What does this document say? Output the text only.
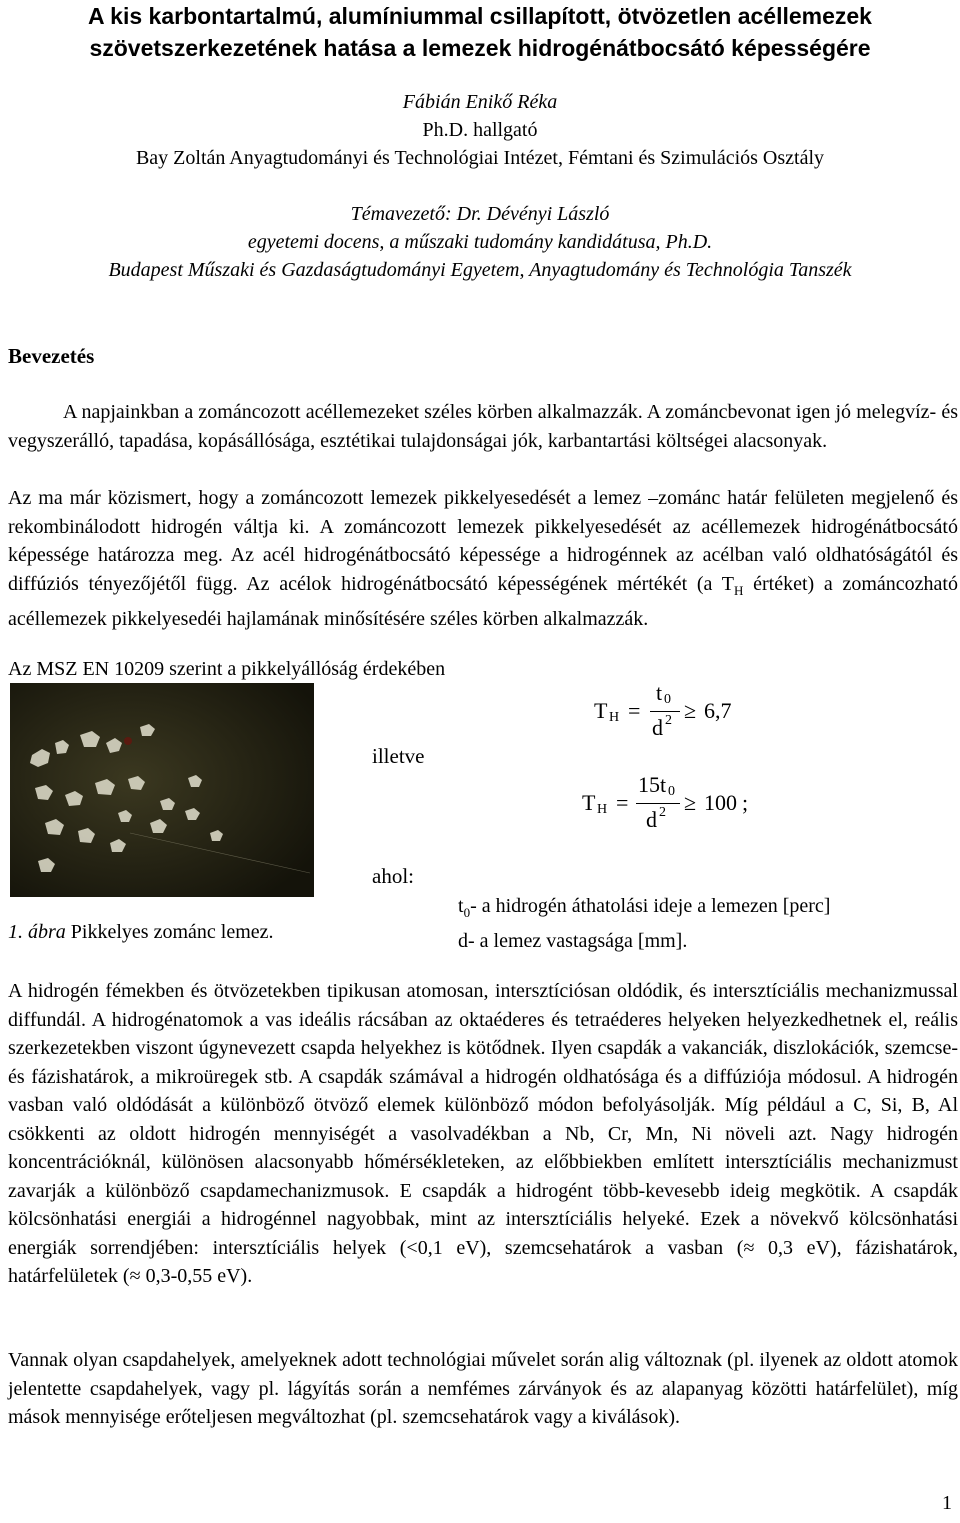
A kis karbontartalmú, alumíniummal csillapított, ötvözetlen acéllemezek
szövetszerkezetének hatása a lemezek hidrogénátbocsátó képességére
Fábián Enikő Réka
Ph.D. hallgató
Bay Zoltán Anyagtudományi és Technológiai Intézet, Fémtani és Szimulációs Osztály
Témavezető: Dr. Dévényi László
egyetemi docens, a műszaki tudomány kandidátusa, Ph.D.
Budapest Műszaki és Gazdaságtudományi Egyetem, Anyagtudomány és Technológia Tanszék
Bevezetés

A napjainkban a zománcozott acéllemezeket széles körben alkalmazzák. A zománcbevonat igen jó melegvíz- és vegyszerálló, tapadása, kopásállósága, esztétikai tulajdonságai jók, karbantartási költségei alacsonyak.

Az ma már közismert, hogy a zománcozott lemezek pikkelyesedését a lemez –zománc határ felületen megjelenő és rekombinálodott hidrogén váltja ki. A zománcozott lemezek pikkelyesedését az acéllemezek hidrogénátbocsátó képessége határozza meg. Az acél hidrogénátbocsátó képessége a hidrogénnek az acélban való oldhatóságától és diffúziós tényezőjétől függ. Az acélok hidrogénátbocsátó képességének mértékét (a $T_H$ értéket) a zománcozható acéllemezek pikkelyesedéi hajlamának minősítésére széles körben alkalmazzák.

Az MSZ EN 10209 szerint a pikkelyállóság érdekében

1. ábra Pikkelyes zománc lemez.
illetve
ahol:
T H =
t 0
d 2 ≥ 6,7
T H =
15t 0
d 2 ≥ 100 ;
$t_0-$ a hidrogén áthatolási ideje a lemezen [perc]
d- a lemez vastagsága [mm].

A hidrogén fémekben és ötvözetekben tipikusan atomosan, intersztíciósan oldódik, és intersztíciális mechanizmussal diffundál. A hidrogénatomok a vas ideális rácsában az oktaéderes és tetraéderes helyeken helyezkedhetnek el, reális szerkezetekben viszont úgynevezett csapda helyekhez is kötődnek. Ilyen csapdák a vakanciák, diszlokációk, szemcse- és fázishatárok, a mikroüregek stb. A csapdák számával a hidrogén oldhatósága és a diffúziója módosul. A hidrogén vasban való oldódását a különböző ötvöző elemek különböző módon befolyásolják. Míg például a C, Si, B, Al csökkenti az oldott hidrogén mennyiségét a vasolvadékban a Nb, Cr, Mn, Ni növeli azt. Nagy hidrogén koncentrációknál, különösen alacsonyabb hőmérsékleteken, az előbbiekben említett intersztíciális mechanizmust zavarják a különböző csapdamechanizmusok. E csapdák a hidrogént több-kevesebb ideig megkötik. A csapdák kölcsönhatási energiái a hidrogénnel nagyobbak, mint az intersztíciális helyeké. Ezek a növekvő kölcsönhatási energiák sorrendjében: intersztíciális helyek (<0,1 eV), szemcsehatárok a vasban (≈ 0,3 eV), fázishatárok, határfelületek (≈ 0,3-0,55 eV).

Vannak olyan csapdahelyek, amelyeknek adott technológiai művelet során alig változnak (pl. ilyenek az oldott atomok jelentette csapdahelyek, vagy pl. lágyítás során a nemfémes zárványok és az alapanyag közötti határfelület), míg mások mennyisége erőteljesen megváltozhat (pl. szemcsehatárok vagy a kiválások).

1
